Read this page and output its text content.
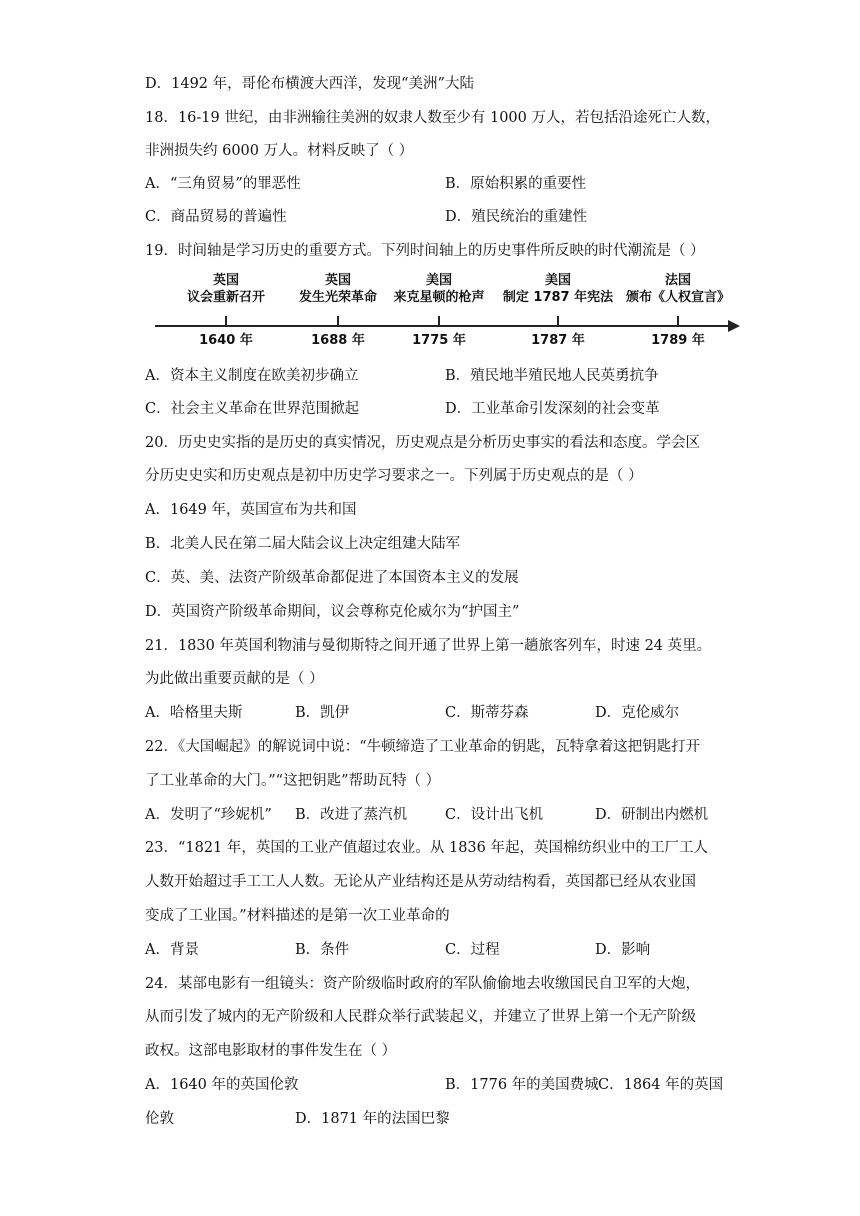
D．1492 年，哥伦布横渡大西洋，发现“美洲”大陆
18．16-19 世纪，由非洲输往美洲的奴隶人数至少有 1000 万人，若包括沿途死亡人数，
非洲损失约 6000 万人。材料反映了（ ）
A．“三角贸易”的罪恶性	B．原始积累的重要性
C．商品贸易的普遍性	D．殖民统治的重建性
19．时间轴是学习历史的重要方式。下列时间轴上的历史事件所反映的时代潮流是（ ）
英国
议会重新召开
英国
发生光荣革命
美国
来克星顿的枪声
美国
制定 1787 年宪法
法国
颁布《人权宣言》
1640 年	1688 年	1775 年	1787 年	1789 年
A．资本主义制度在欧美初步确立	B．殖民地半殖民地人民英勇抗争
C．社会主义革命在世界范围掀起	D．工业革命引发深刻的社会变革
20．历史史实指的是历史的真实情况，历史观点是分析历史事实的看法和态度。学会区
分历史史实和历史观点是初中历史学习要求之一。下列属于历史观点的是（ ）
A．1649 年，英国宣布为共和国
B．北美人民在第二届大陆会议上决定组建大陆军
C．英、美、法资产阶级革命都促进了本国资本主义的发展
D．英国资产阶级革命期间，议会尊称克伦威尔为“护国主”
21．1830 年英国利物浦与曼彻斯特之间开通了世界上第一趟旅客列车，时速 24 英里。
为此做出重要贡献的是（ ）
A．哈格里夫斯	B．凯伊	C．斯蒂芬森	D．克伦威尔
22．《大国崛起》的解说词中说：“牛顿缔造了工业革命的钥匙，瓦特拿着这把钥匙打开
了工业革命的大门。”“这把钥匙”帮助瓦特（ ）
A．发明了“珍妮机” B．改进了蒸汽机	C．设计出飞机	D．研制出内燃机
23．“1821 年，英国的工业产值超过农业。从 1836 年起，英国棉纺织业中的工厂工人
人数开始超过手工工人人数。无论从产业结构还是从劳动结构看，英国都已经从农业国
变成了工业国。”材料描述的是第一次工业革命的
A．背景	B．条件	C．过程	D．影响
24．某部电影有一组镜头：资产阶级临时政府的军队偷偷地去收缴国民自卫军的大炮，
从而引发了城内的无产阶级和人民群众举行武装起义，并建立了世界上第一个无产阶级
政权。这部电影取材的事件发生在（ ）
A．1640 年的英国伦敦	B．1776 年的美国费城 C．1864 年的英国
伦敦	D．1871 年的法国巴黎
